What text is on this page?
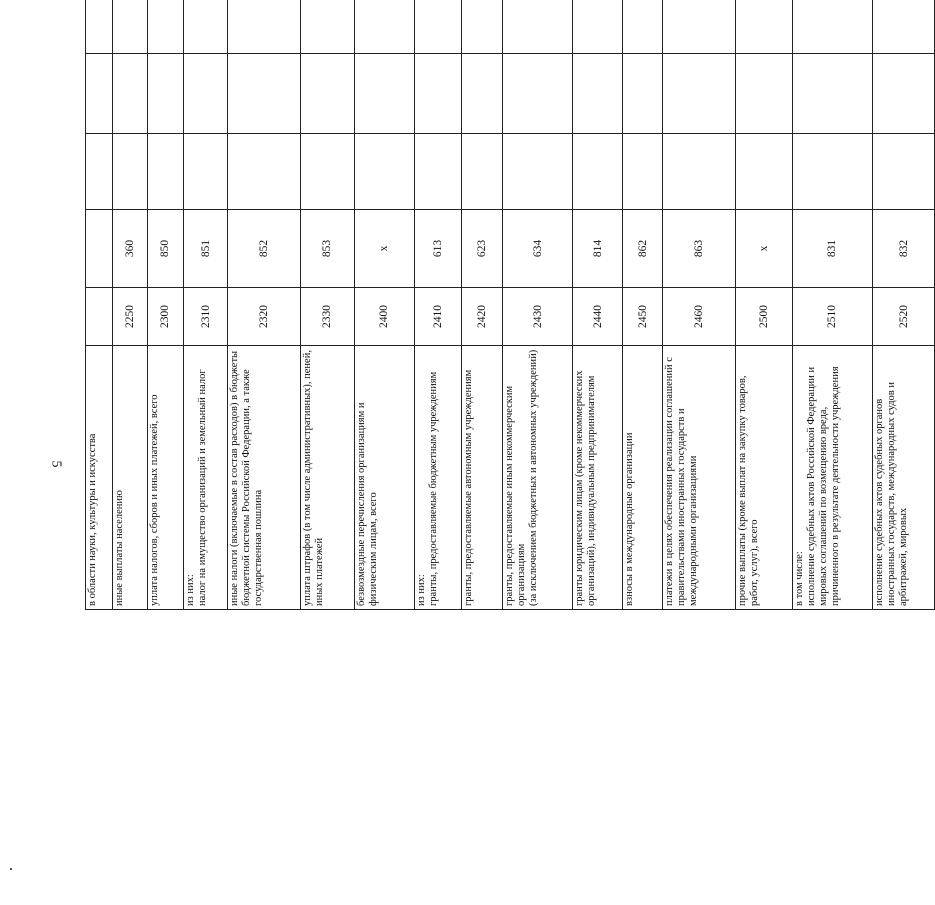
5 в области науки, культуры и искусства							
иные выплаты населению	2250	360					
уплата налогов, сборов и иных платежей, всего	2300	850					
из них:
налог на имущество организаций и земельный налог	2310	851					
иные налоги (включаемые в состав расходов) в бюджеты бюджетной системы Российской Федерации, а также государственная пошлина	2320	852					
уплата штрафов (в том числе административных), пеней, иных платежей	2330	853					
безвозмездные перечисления организациям и физическим лицам, всего	2400	x					
из них:
гранты, предоставляемые бюджетным учреждениям	2410	613					
гранты, предоставляемые автономным учреждениям	2420	623					
гранты, предоставляемые иным некоммерческим организациям
(за исключением бюджетных и автономных учреждений)	2430	634					
гранты юридическим лицам (кроме некоммерческих организаций), индивидуальным предпринимателям	2440	814					
взносы в международные организации	2450	862					
платежи в целях обеспечения реализации соглашений с правительствами иностранных государств и международными организациями	2460	863					
прочие выплаты (кроме выплат на закупку товаров, работ, услуг), всего	2500	x					
в том числе:
исполнение судебных актов Российской Федерации и мировых соглашений по возмещению вреда, причиненного в результате деятельности учреждения	2510	831					
исполнение судебных актов судебных органов иностранных государств, международных судов и арбитражей, мировых	2520	832					
